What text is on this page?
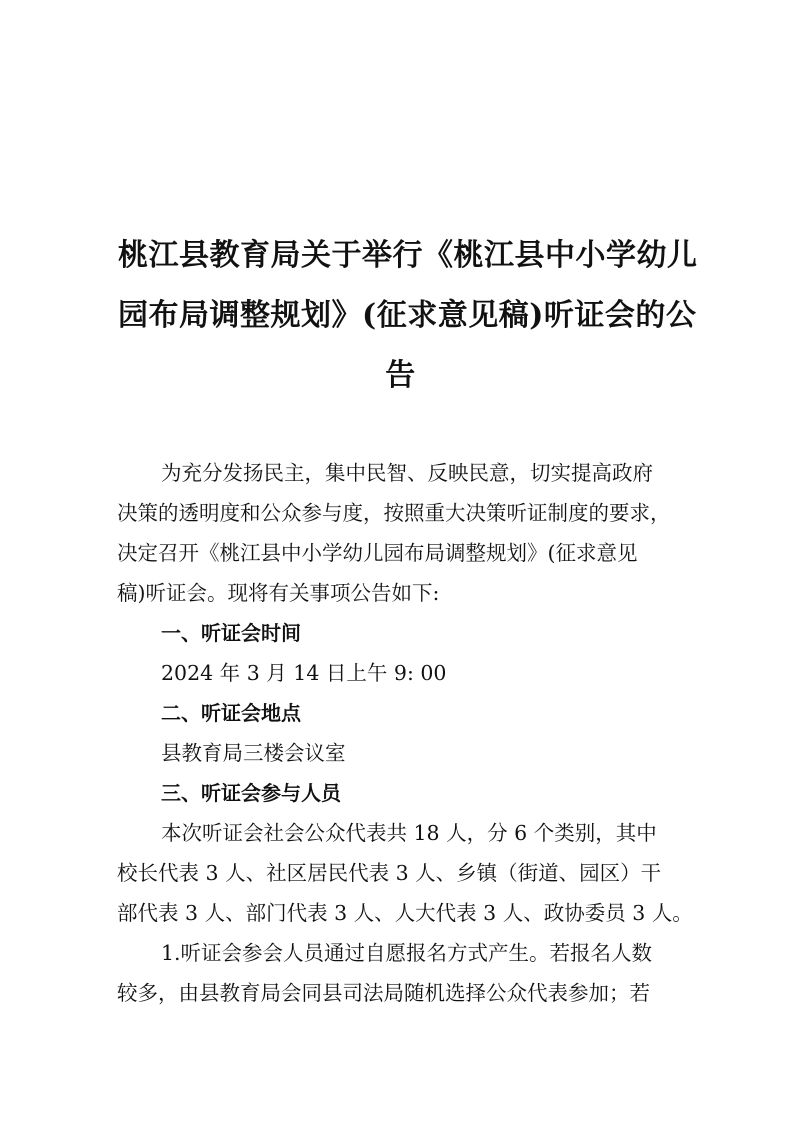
桃江县教育局关于举行《桃江县中小学幼儿
园布局调整规划》(征求意见稿)听证会的公
告
为充分发扬民主，集中民智、反映民意，切实提高政府
决策的透明度和公众参与度，按照重大决策听证制度的要求，
决定召开《桃江县中小学幼儿园布局调整规划》(征求意见
稿)听证会。现将有关事项公告如下:
一、听证会时间
2024 年 3 月 14 日上午 9: 00
二、听证会地点
县教育局三楼会议室
三、听证会参与人员
本次听证会社会公众代表共 18 人，分 6 个类别，其中
校长代表 3 人、社区居民代表 3 人、乡镇（街道、园区）干
部代表 3 人、部门代表 3 人、人大代表 3 人、政协委员 3 人。
1.听证会参会人员通过自愿报名方式产生。若报名人数
较多，由县教育局会同县司法局随机选择公众代表参加；若
